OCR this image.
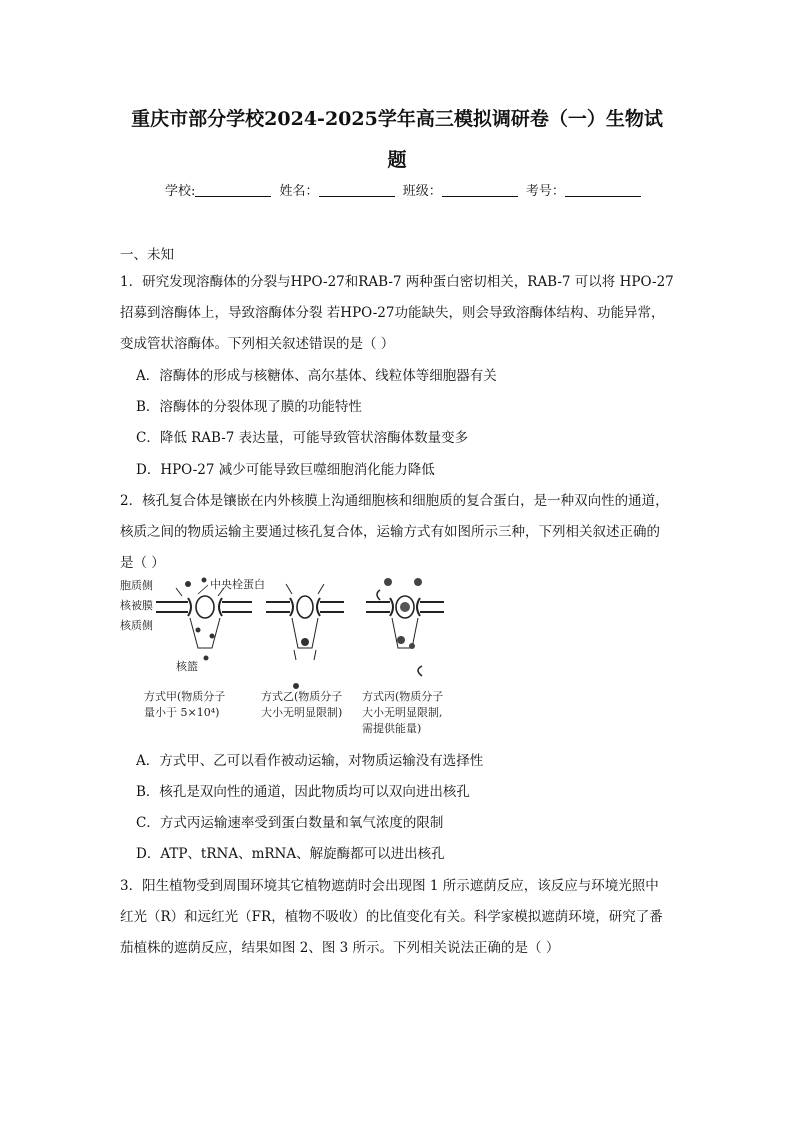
重庆市部分学校2024-2025学年高三模拟调研卷（一）生物试
题
学校:	姓名：	班级：	考号：
一、未知
1．研究发现溶酶体的分裂与HPO-27和RAB-7 两种蛋白密切相关，RAB-7 可以将 HPO-27
招募到溶酶体上，导致溶酶体分裂 若HPO-27功能缺失，则会导致溶酶体结构、功能异常，
变成管状溶酶体。下列相关叙述错误的是（ ）
A．溶酶体的形成与核糖体、高尔基体、线粒体等细胞器有关
B．溶酶体的分裂体现了膜的功能特性
C．降低 RAB-7 表达量，可能导致管状溶酶体数量变多
D．HPO-27 减少可能导致巨噬细胞消化能力降低
2．核孔复合体是镶嵌在内外核膜上沟通细胞核和细胞质的复合蛋白，是一种双向性的通道，
核质之间的物质运输主要通过核孔复合体，运输方式有如图所示三种，下列相关叙述正确的
是（ ）
胞质侧
核被膜
核质侧
核篮
中央栓蛋白
方式甲(物质分子
量小于 5×10⁴)
方式乙(物质分子
大小无明显限制)
方式丙(物质分子
大小无明显限制,
需提供能量)
A．方式甲、乙可以看作被动运输，对物质运输没有选择性
B．核孔是双向性的通道，因此物质均可以双向进出核孔
C．方式丙运输速率受到蛋白数量和氧气浓度的限制
D．ATP、tRNA、mRNA、解旋酶都可以进出核孔
3．阳生植物受到周围环境其它植物遮荫时会出现图 1 所示遮荫反应，该反应与环境光照中
红光（R）和远红光（FR，植物不吸收）的比值变化有关。科学家模拟遮荫环境，研究了番
茄植株的遮荫反应，结果如图 2、图 3 所示。下列相关说法正确的是（ ）
